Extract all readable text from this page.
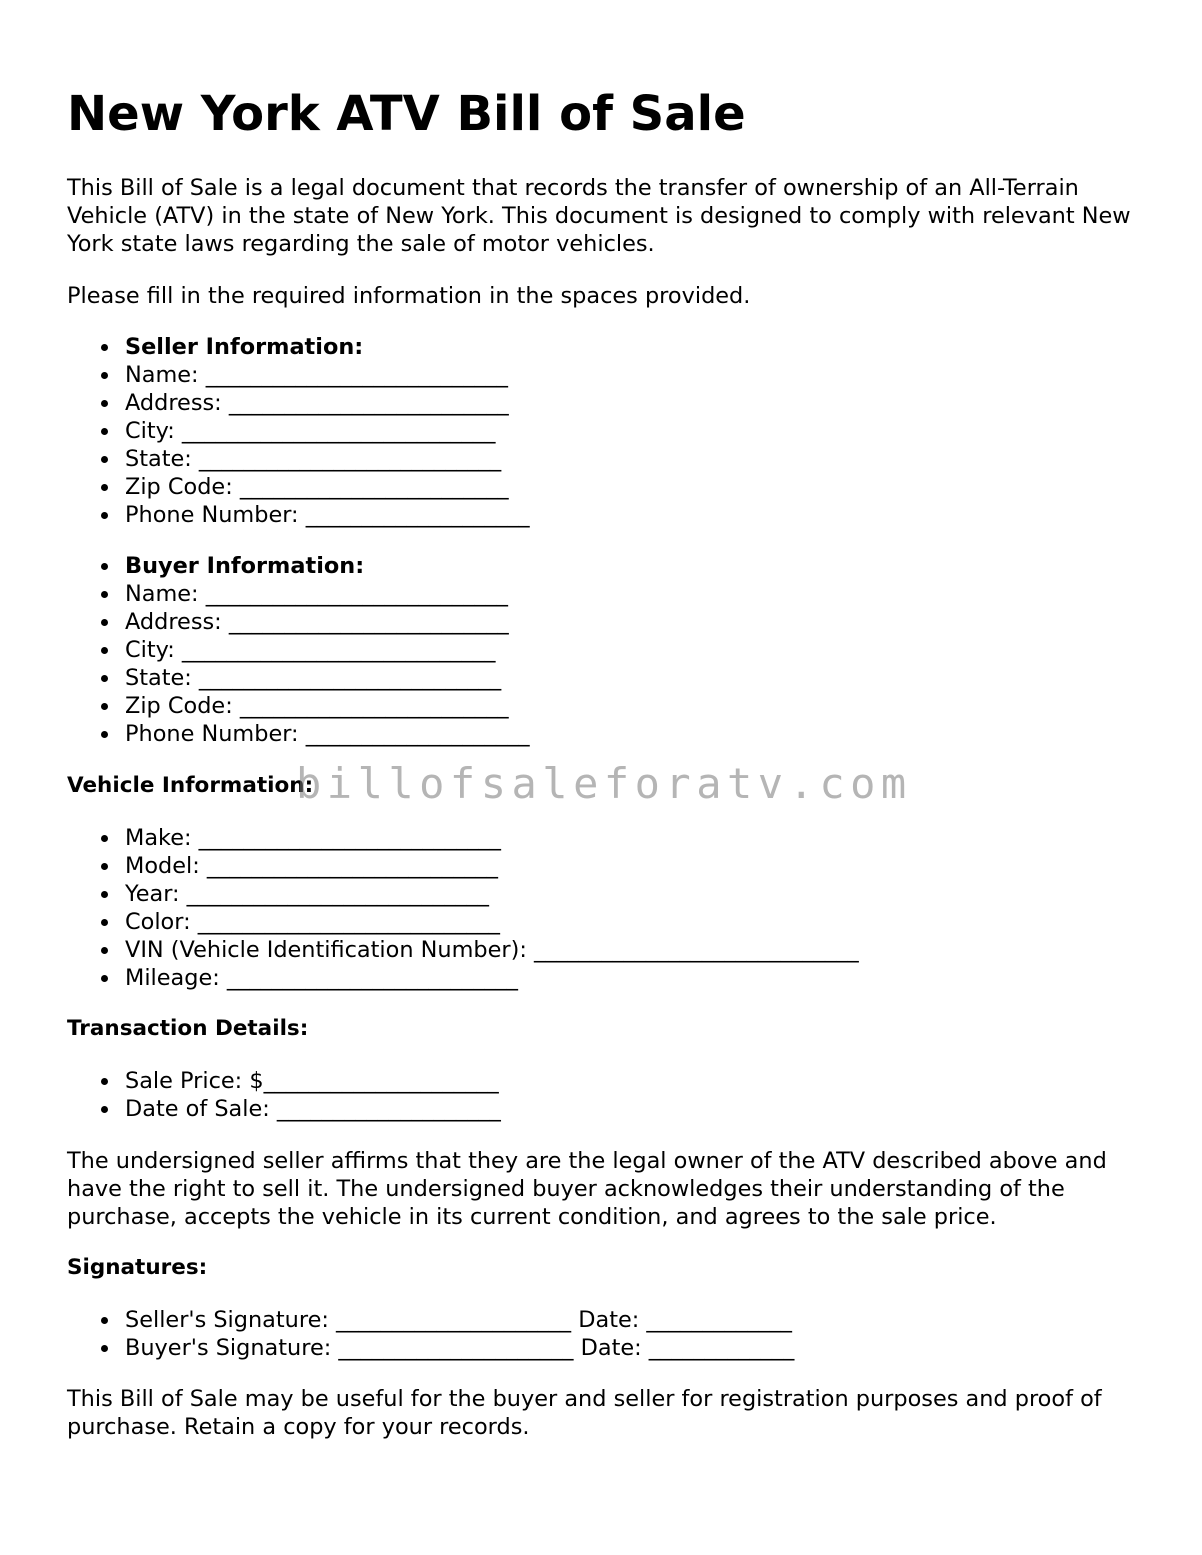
New York ATV Bill of Sale

This Bill of Sale is a legal document that records the transfer of ownership of an All-Terrain Vehicle (ATV) in the state of New York. This document is designed to comply with relevant New York state laws regarding the sale of motor vehicles.

Please fill in the required information in the spaces provided.

Seller Information:
Name: ___________________________
Address: _________________________
City: ____________________________
State: ___________________________
Zip Code: ________________________
Phone Number: ____________________
Buyer Information:
Name: ___________________________
Address: _________________________
City: ____________________________
State: ___________________________
Zip Code: ________________________
Phone Number: ____________________
Vehicle Information:
Make: ___________________________
Model: __________________________
Year: ___________________________
Color: ___________________________
VIN (Vehicle Identification Number): _____________________________
Mileage: __________________________
Transaction Details:
Sale Price: $_____________________
Date of Sale: ____________________

The undersigned seller affirms that they are the legal owner of the ATV described above and have the right to sell it. The undersigned buyer acknowledges their understanding of the purchase, accepts the vehicle in its current condition, and agrees to the sale price.

Signatures:
Seller's Signature: _____________________ Date: _____________
Buyer's Signature: _____________________ Date: _____________

This Bill of Sale may be useful for the buyer and seller for registration purposes and proof of purchase. Retain a copy for your records.

billofsaleforatv.com
